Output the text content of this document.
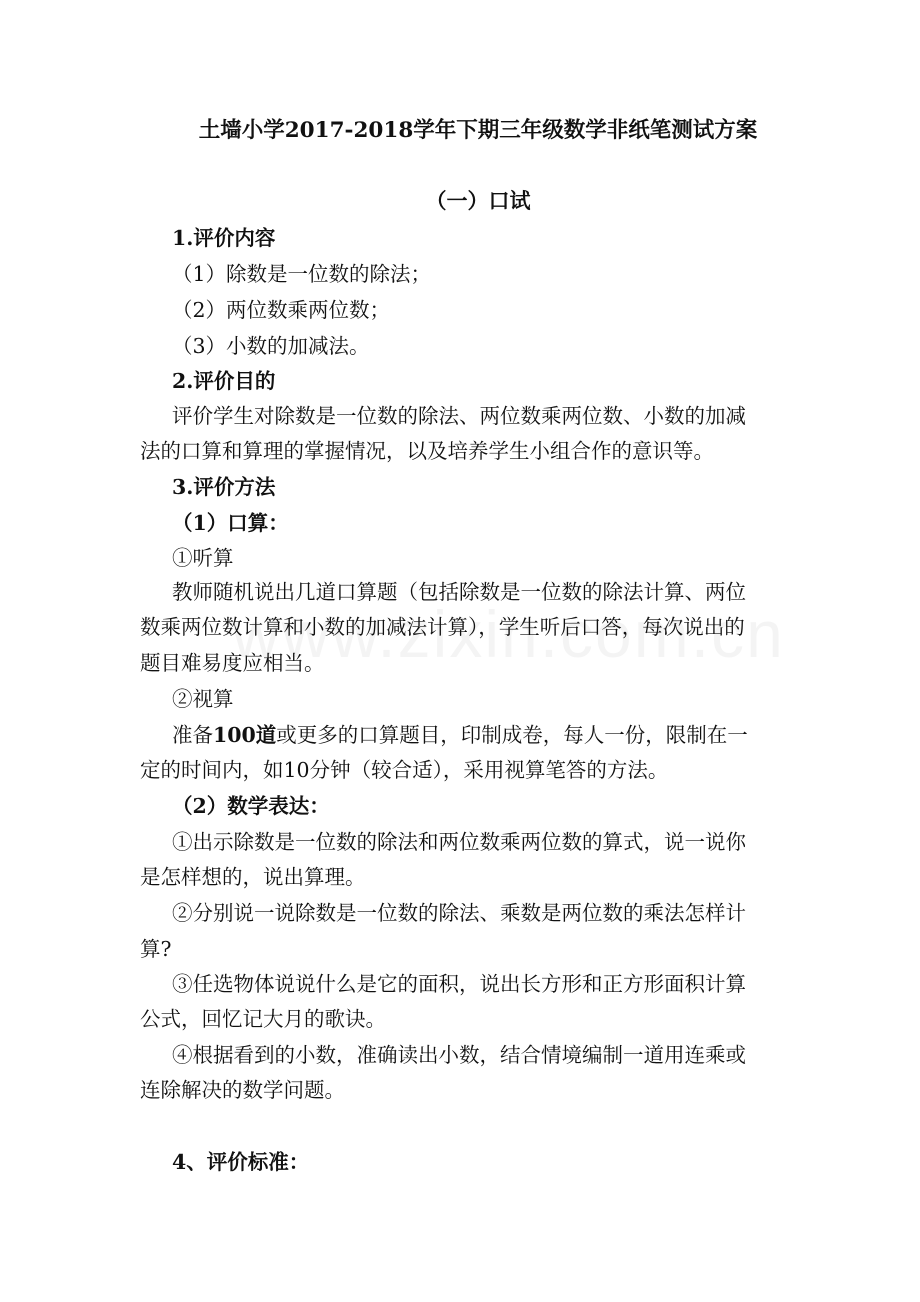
土墙小学2017-2018学年下期三年级数学非纸笔测试方案
（一）口试
1.评价内容
（1）除数是一位数的除法；
（2）两位数乘两位数；
（3）小数的加减法。
2.评价目的
评价学生对除数是一位数的除法、两位数乘两位数、小数的加减
法的口算和算理的掌握情况，以及培养学生小组合作的意识等。
3.评价方法
（1）口算：
①听算
教师随机说出几道口算题（包括除数是一位数的除法计算、两位
数乘两位数计算和小数的加减法计算），学生听后口答，每次说出的
题目难易度应相当。
②视算
准备100道或更多的口算题目，印制成卷，每人一份，限制在一
定的时间内，如10分钟（较合适），采用视算笔答的方法。
（2）数学表达：
①出示除数是一位数的除法和两位数乘两位数的算式，说一说你
是怎样想的，说出算理。
②分别说一说除数是一位数的除法、乘数是两位数的乘法怎样计
算?
③任选物体说说什么是它的面积，说出长方形和正方形面积计算
公式，回忆记大月的歌诀。
④根据看到的小数，准确读出小数，结合情境编制一道用连乘或
连除解决的数学问题。
4、评价标准：
